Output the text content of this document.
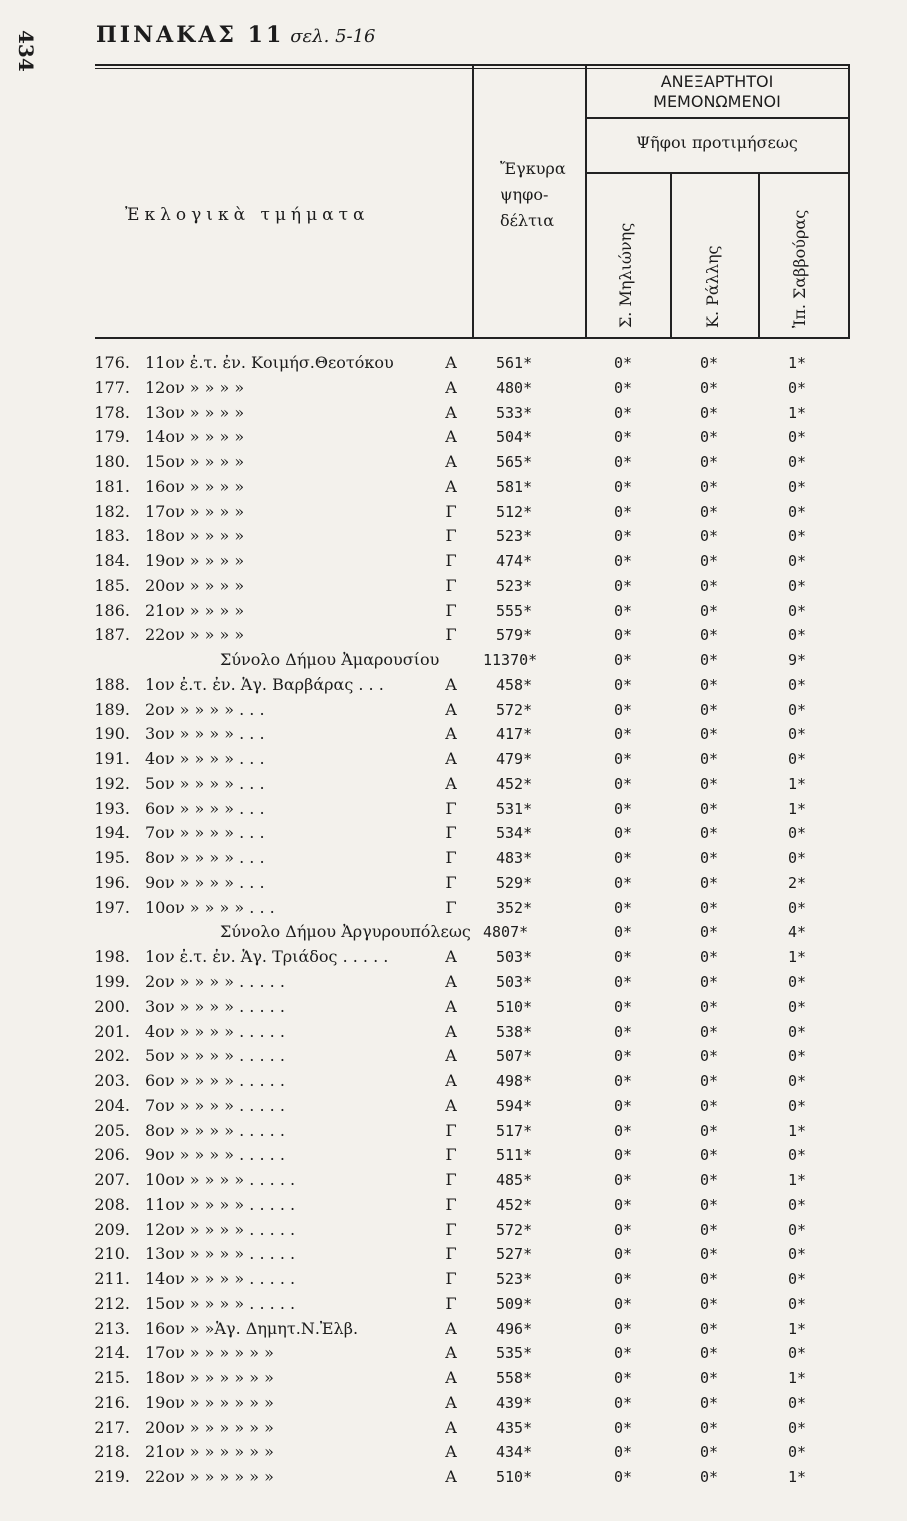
434	ΠΙΝΑΚΑΣ 11 σελ. 5-16
Ἐκλογικὰ τμήματα
Ἔγκυρα
ψηφο-
δέλτια
ΑΝΕΞΑΡΤΗΤΟΙ
ΜΕΜΟΝΩΜΕΝΟΙ
Ψῆφοι προτιμήσεως
Σ. Μηλιώνης	Κ. Ράλλης	Ἰπ. Σαββούρας
176. 11ον ἐ.τ. ἐν. Κοιμήσ.Θεοτόκου	Α	561*	0*	0*	1*
177. 12ον » » » »	Α	480*	0*	0*	0*
178. 13ον » » » »	Α	533*	0*	0*	1*
179. 14ον » » » »	Α	504*	0*	0*	0*
180. 15ον » » » »	Α	565*	0*	0*	0*
181. 16ον » » » »	Α	581*	0*	0*	0*
182. 17ον » » » »	Γ	512*	0*	0*	0*
183. 18ον » » » »	Γ	523*	0*	0*	0*
184. 19ον » » » »	Γ	474*	0*	0*	0*
185. 20ον » » » »	Γ	523*	0*	0*	0*
186. 21ον » » » »	Γ	555*	0*	0*	0*
187. 22ον » » » »	Γ	579*	0*	0*	0*
Σύνολο Δήμου Ἀμαρουσίου	11370*	0*	0*	9*
188. 1ον ἐ.τ. ἐν. Ἁγ. Βαρβάρας . . .	Α	458*	0*	0*	0*
189. 2ον » » » » . . .	Α	572*	0*	0*	0*
190. 3ον » » » » . . .	Α	417*	0*	0*	0*
191. 4ον » » » » . . .	Α	479*	0*	0*	0*
192. 5ον » » » » . . .	Α	452*	0*	0*	1*
193. 6ον » » » » . . .	Γ	531*	0*	0*	1*
194. 7ον » » » » . . .	Γ	534*	0*	0*	0*
195. 8ον » » » » . . .	Γ	483*	0*	0*	0*
196. 9ον » » » » . . .	Γ	529*	0*	0*	2*
197. 10ον » » » » . . .	Γ	352*	0*	0*	0*
Σύνολο Δήμου Ἀργυρουπόλεως 4807*	0*	0*	4*
198. 1ον ἐ.τ. ἐν. Ἁγ. Τριάδος . . . . .	Α	503*	0*	0*	1*
199. 2ον » » » » . . . . .	Α	503*	0*	0*	0*
200. 3ον » » » » . . . . .	Α	510*	0*	0*	0*
201. 4ον » » » » . . . . .	Α	538*	0*	0*	0*
202. 5ον » » » » . . . . .	Α	507*	0*	0*	0*
203. 6ον » » » » . . . . .	Α	498*	0*	0*	0*
204. 7ον » » » » . . . . .	Α	594*	0*	0*	0*
205. 8ον » » » » . . . . .	Γ	517*	0*	0*	1*
206. 9ον » » » » . . . . .	Γ	511*	0*	0*	0*
207. 10ον » » » » . . . . .	Γ	485*	0*	0*	1*
208. 11ον » » » » . . . . .	Γ	452*	0*	0*	0*
209. 12ον » » » » . . . . .	Γ	572*	0*	0*	0*
210. 13ον » » » » . . . . .	Γ	527*	0*	0*	0*
211. 14ον » » » » . . . . .	Γ	523*	0*	0*	0*
212. 15ον » » » » . . . . .	Γ	509*	0*	0*	0*
213. 16ον » »Ἁγ. Δημητ.Ν.Ἐλβ.	Α	496*	0*	0*	1*
214. 17ον » » » » » »	Α	535*	0*	0*	0*
215. 18ον » » » » » »	Α	558*	0*	0*	1*
216. 19ον » » » » » »	Α	439*	0*	0*	0*
217. 20ον » » » » » »	Α	435*	0*	0*	0*
218. 21ον » » » » » »	Α	434*	0*	0*	0*
219. 22ον » » » » » »	Α	510*	0*	0*	1*
